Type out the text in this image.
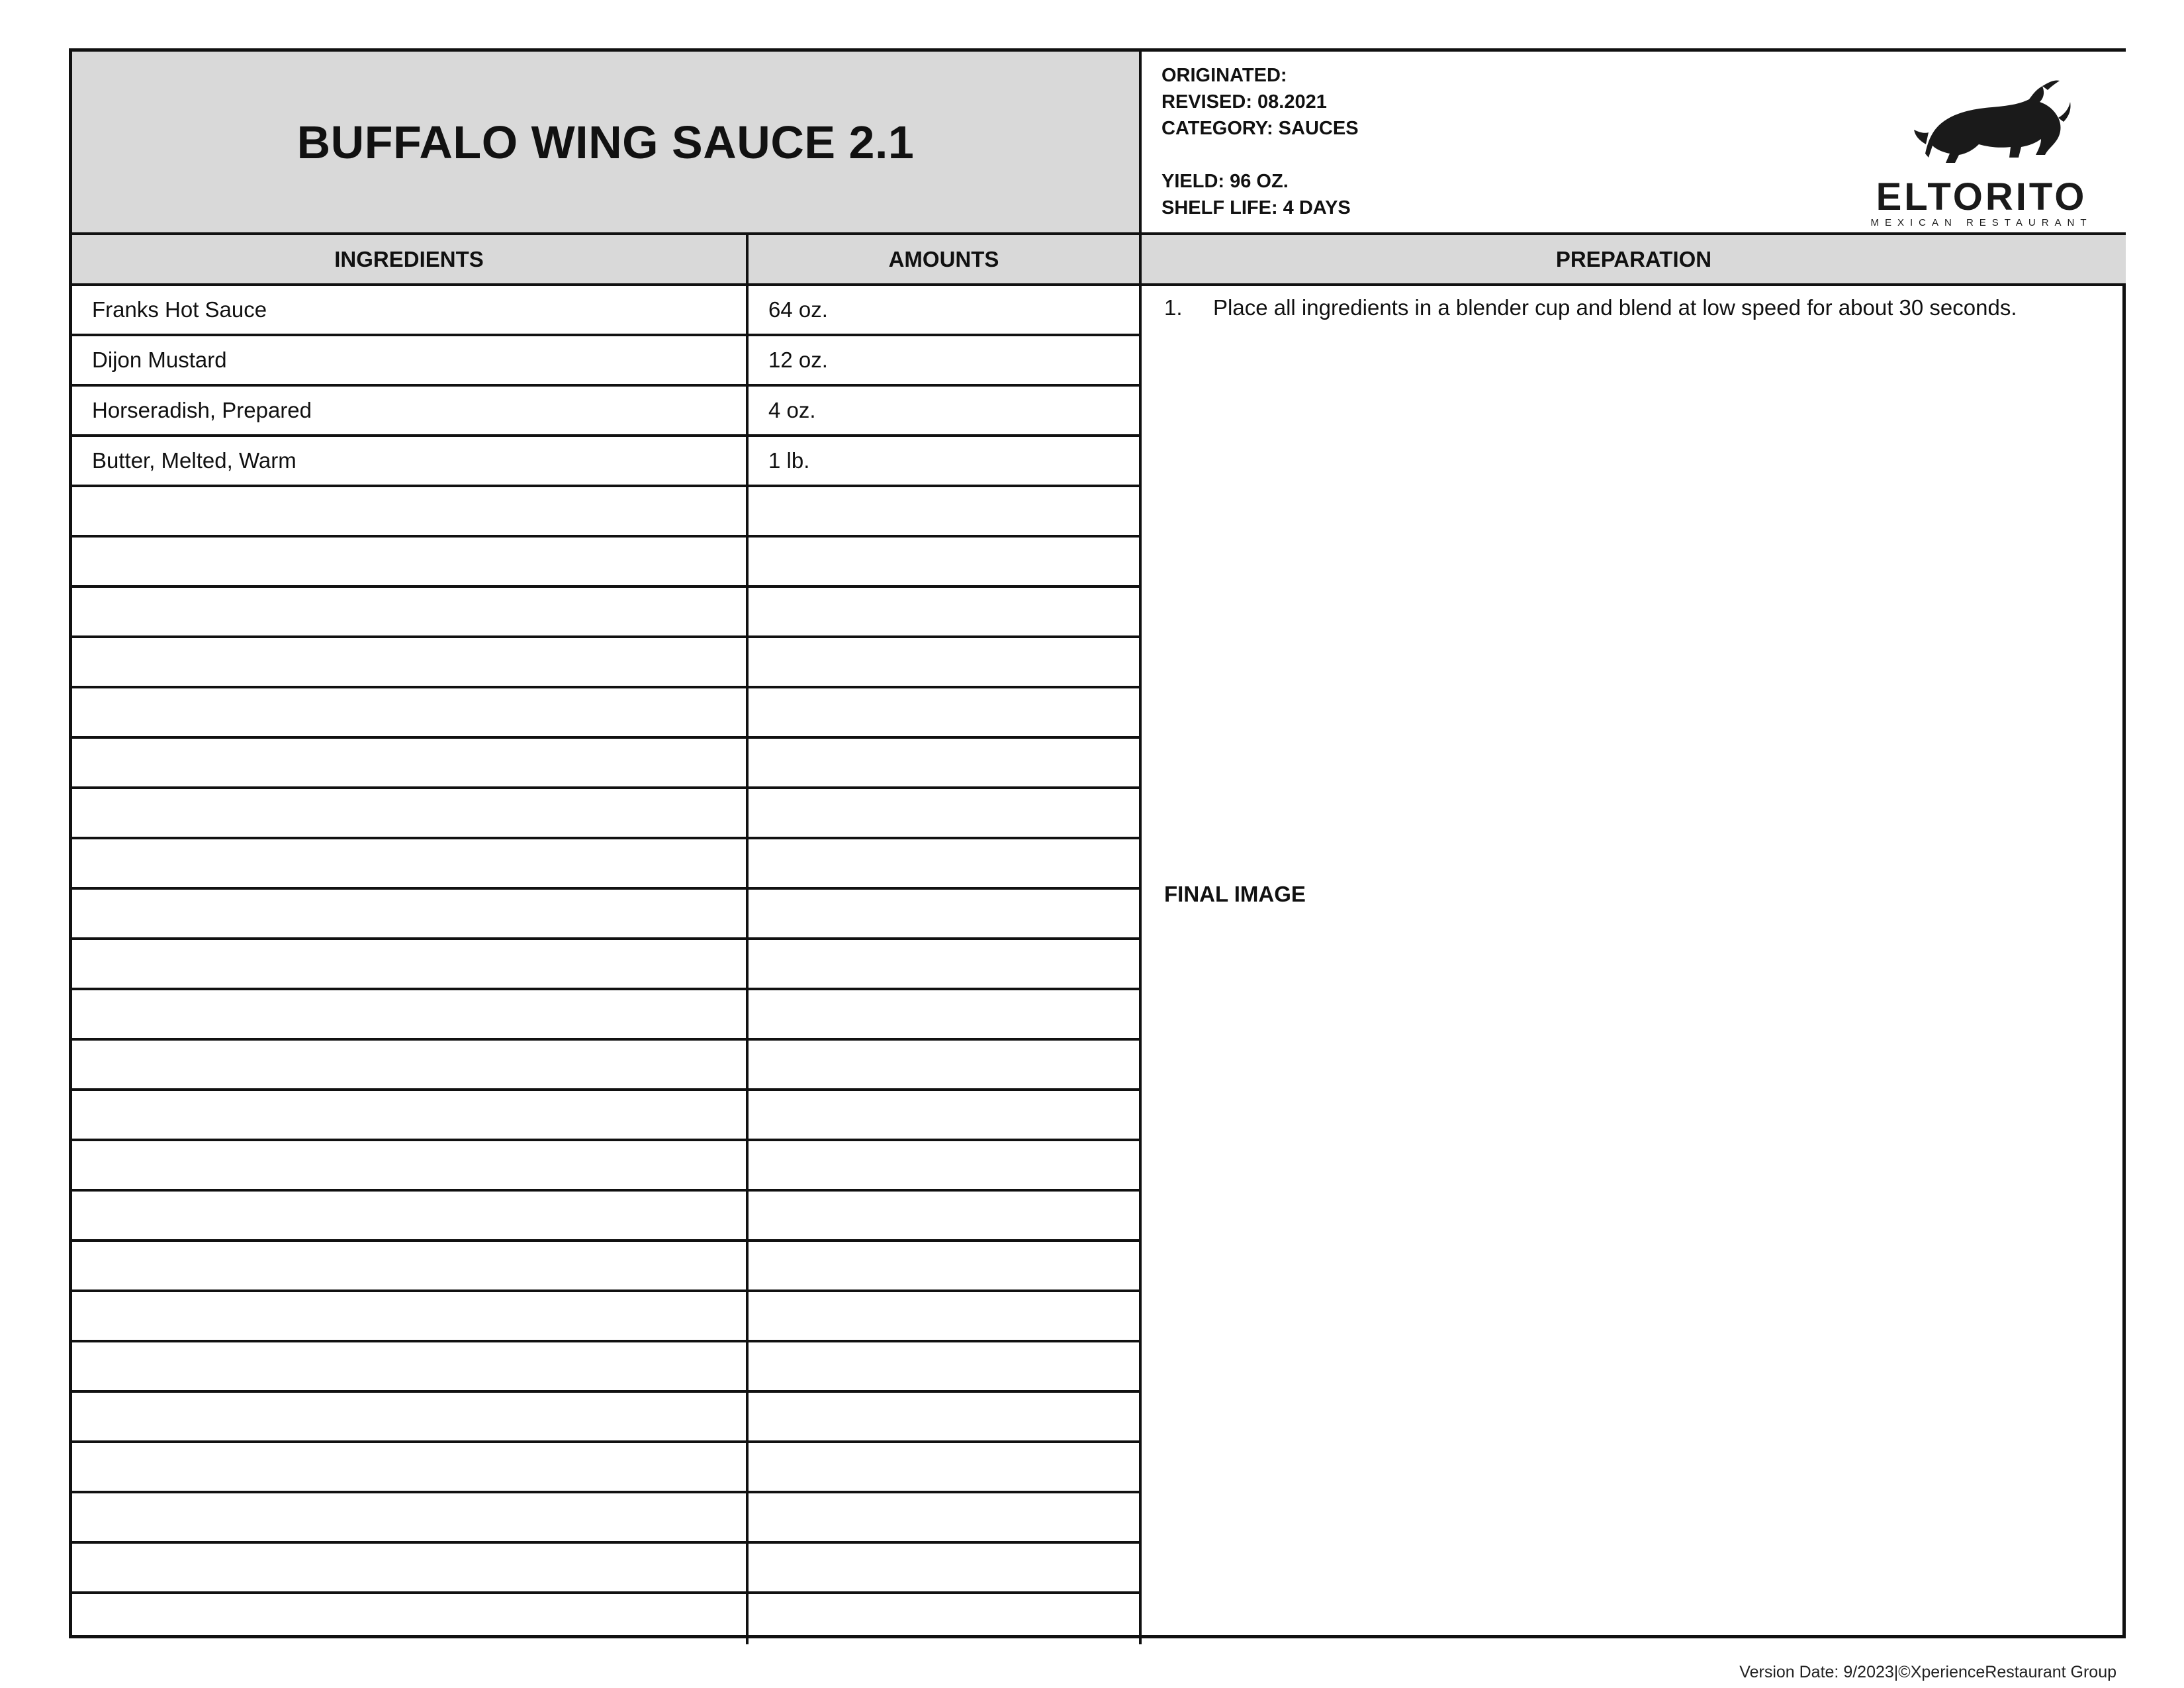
BUFFALO WING SAUCE 2.1
ORIGINATED:
REVISED: 08.2021
CATEGORY: SAUCES
YIELD: 96 OZ.
SHELF LIFE: 4 DAYS	ELTORITO
MEXICAN RESTAURANT
INGREDIENTS	AMOUNTS	PREPARATION
Franks Hot Sauce	64 oz.
Dijon Mustard	12 oz.
Horseradish, Prepared	4 oz.
Butter, Melted, Warm	1 lb.
1.	Place all ingredients in a blender cup and blend at low speed for about 30 seconds.
FINAL IMAGE
Version Date: 9/2023|©XperienceRestaurant Group
